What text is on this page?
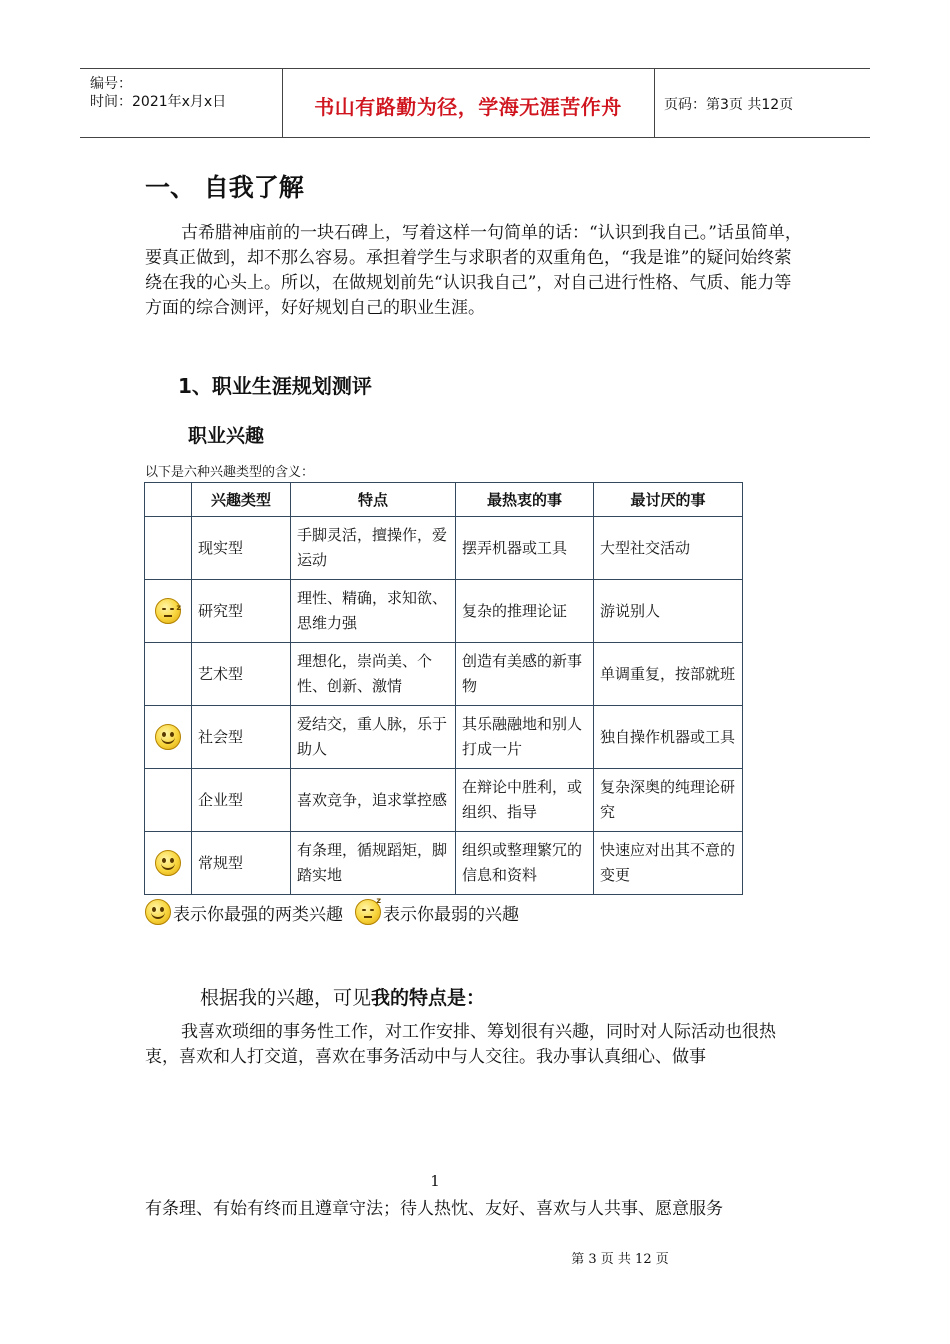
编号：
时间：2021年x月x日	书山有路勤为径，学海无涯苦作舟	页码：第3页 共12页
一、 自我了解

古希腊神庙前的一块石碑上，写着这样一句简单的话：“认识到我自己。”话虽简单，要真正做到，却不那么容易。承担着学生与求职者的双重角色，“我是谁”的疑问始终萦绕在我的心头上。所以，在做规划前先“认识我自己”，对自己进行性格、气质、能力等方面的综合测评，好好规划自己的职业生涯。

1、职业生涯规划测评
职业兴趣
以下是六种兴趣类型的含义：
	兴趣类型	特点	最热衷的事	最讨厌的事
	现实型	手脚灵活，擅操作，爱运动	摆弄机器或工具	大型社交活动

z	研究型	理性、精确，求知欲、思维力强	复杂的推理论证	游说别人
	艺术型	理想化，崇尚美、个性、创新、激情	创造有美感的新事物	单调重复，按部就班

	社会型	爱结交，重人脉，乐于助人	其乐融融地和别人打成一片	独自操作机器或工具
	企业型	喜欢竞争，追求掌控感	在辩论中胜利，或组织、指导	复杂深奥的纯理论研究

	常规型	有条理，循规蹈矩，脚踏实地	组织或整理繁冗的信息和资料	快速应对出其不意的变更
表示你最强的两类兴趣
z
表示你最弱的兴趣
根据我的兴趣，可见我的特点是：

我喜欢琐细的事务性工作，对工作安排、筹划很有兴趣，同时对人际活动也很热衷，喜欢和人打交道，喜欢在事务活动中与人交往。我办事认真细心、做事

1
有条理、有始有终而且遵章守法；待人热忱、友好、喜欢与人共事、愿意服务
第 3 页 共 12 页
